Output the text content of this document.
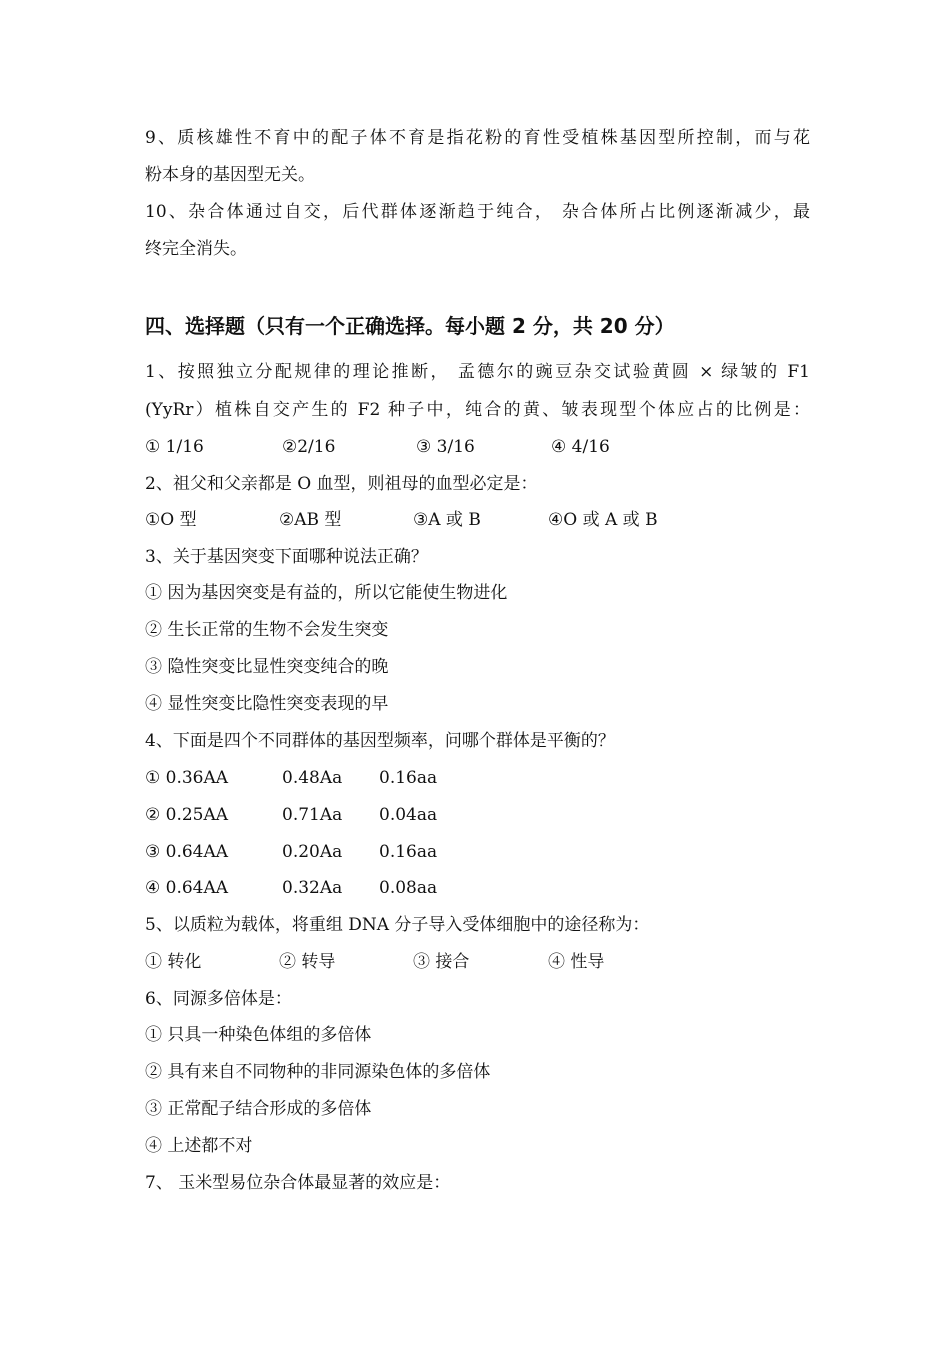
9、质核雄性不育中的配子体不育是指花粉的育性受植株基因型所控制，而与花
粉本身的基因型无关。
10、杂合体通过自交，后代群体逐渐趋于纯合， 杂合体所占比例逐渐减少，最
终完全消失。
四、选择题（只有一个正确选择。每小题 2 分，共 20 分）
1、按照独立分配规律的理论推断， 孟德尔的豌豆杂交试验黄圆 × 绿皱的 F1
(YyRr）植株自交产生的 F2 种子中，纯合的黄、皱表现型个体应占的比例是：
① 1/16	②2/16	③ 3/16	④ 4/16
2、祖父和父亲都是 O 血型，则祖母的血型必定是：
①O 型	②AB 型	③A 或 B	④O 或 A 或 B
3、关于基因突变下面哪种说法正确？
① 因为基因突变是有益的，所以它能使生物进化
② 生长正常的生物不会发生突变
③ 隐性突变比显性突变纯合的晚
④ 显性突变比隐性突变表现的早
4、下面是四个不同群体的基因型频率，问哪个群体是平衡的？
① 0.36AA	0.48Aa 0.16aa
② 0.25AA	0.71Aa 0.04aa
③ 0.64AA	0.20Aa 0.16aa
④ 0.64AA	0.32Aa 0.08aa
5、以质粒为载体，将重组 DNA 分子导入受体细胞中的途径称为：
① 转化	② 转导	③ 接合	④ 性导
6、同源多倍体是：
① 只具一种染色体组的多倍体
② 具有来自不同物种的非同源染色体的多倍体
③ 正常配子结合形成的多倍体
④ 上述都不对
7、 玉米型易位杂合体最显著的效应是：
